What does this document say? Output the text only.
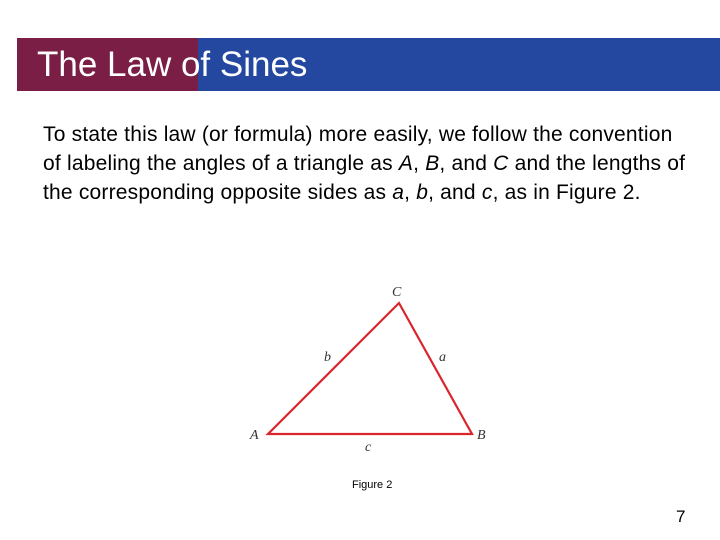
The Law of Sines
To state this law (or formula) more easily, we follow the convention of labeling the angles of a triangle as A, B, and C and the lengths of the corresponding opposite sides as a, b, and c, as in Figure 2.
A	B
C
a
b
c
Figure 2
7
